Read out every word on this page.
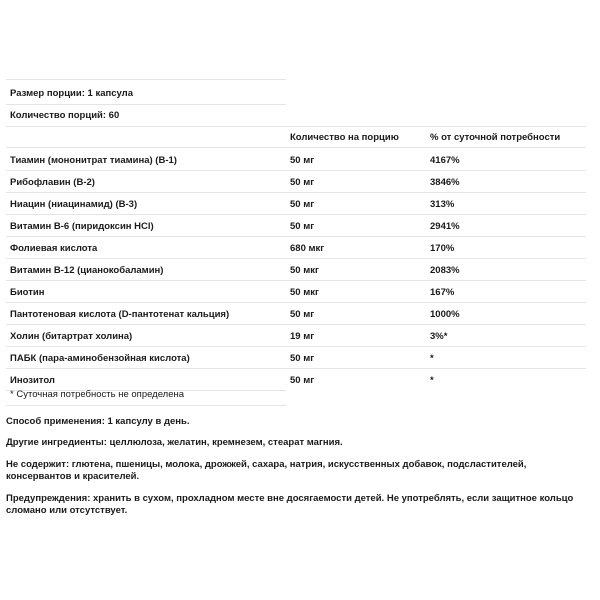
Размер порции: 1 капсула
Количество порций: 60
Количество на порцию	% от суточной потребности
Тиамин (мононитрат тиамина) (В-1)	50 мг	4167%
Рибофлавин (В-2)	50 мг	3846%
Ниацин (ниацинамид) (В-3)	50 мг	313%
Витамин В-6 (пиридоксин HCl)	50 мг	2941%
Фолиевая кислота	680 мкг	170%
Витамин В-12 (цианокобаламин)	50 мкг	2083%
Биотин	50 мкг	167%
Пантотеновая кислота (D-пантотенат кальция)	50 мг	1000%
Холин (битартрат холина)	19 мг	3%*
ПАБК (пара-аминобензойная кислота)	50 мг	*
Инозитол	50 мг	*
* Суточная потребность не определена
Способ применения: 1 капсулу в день.
Другие ингредиенты: целлюлоза, желатин, кремнезем, стеарат магния.
Не содержит: глютена, пшеницы, молока, дрожжей, сахара, натрия, искусственных добавок, подсластителей,
консервантов и красителей.
Предупреждения: хранить в сухом, прохладном месте вне досягаемости детей. Не употреблять, если защитное кольцо
сломано или отсутствует.
